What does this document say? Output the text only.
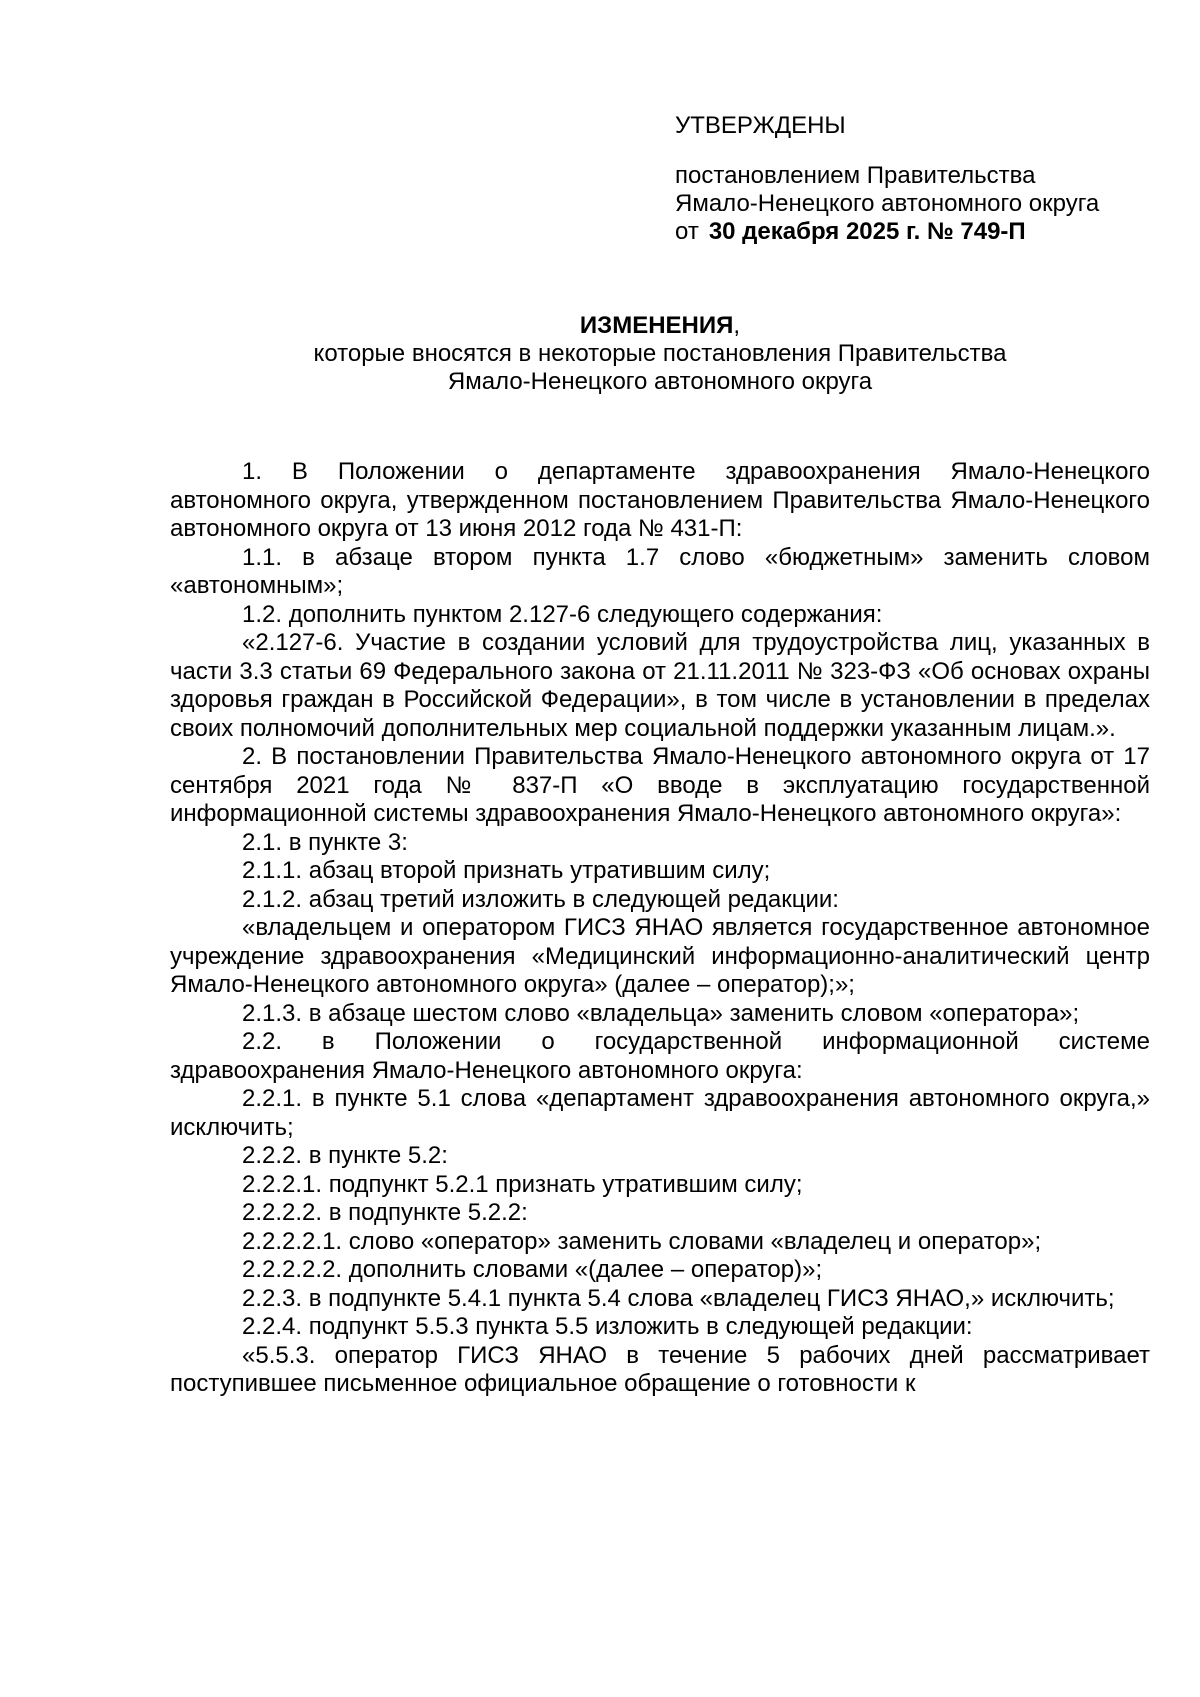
УТВЕРЖДЕНЫ
постановлением Правительства
Ямало-Ненецкого автономного округа
от 30 декабря 2025 г. № 749-П
ИЗМЕНЕНИЯ,
которые вносятся в некоторые постановления Правительства
Ямало-Ненецкого автономного округа

1. В Положении о департаменте здравоохранения Ямало-Ненецкого автономного округа, утвержденном постановлением Правительства Ямало-Ненецкого автономного округа от 13 июня 2012 года № 431-П:

1.1. в абзаце втором пункта 1.7 слово «бюджетным» заменить словом «автономным»;

1.2. дополнить пунктом 2.127-6 следующего содержания:

«2.127-6. Участие в создании условий для трудоустройства лиц, указанных в части 3.3 статьи 69 Федерального закона от 21.11.2011 № 323-ФЗ «Об основах охраны здоровья граждан в Российской Федерации», в том числе в установлении в пределах своих полномочий дополнительных мер социальной поддержки указанным лицам.».

2. В постановлении Правительства Ямало-Ненецкого автономного округа от 17 сентября 2021 года № 837-П «О вводе в эксплуатацию государственной информационной системы здравоохранения Ямало-Ненецкого автономного округа»:

2.1. в пункте 3:

2.1.1. абзац второй признать утратившим силу;

2.1.2. абзац третий изложить в следующей редакции:

«владельцем и оператором ГИСЗ ЯНАО является государственное автономное учреждение здравоохранения «Медицинский информационно-аналитический центр Ямало-Ненецкого автономного округа» (далее – оператор);»;

2.1.3. в абзаце шестом слово «владельца» заменить словом «оператора»;

2.2. в Положении о государственной информационной системе здравоохранения Ямало-Ненецкого автономного округа:

2.2.1. в пункте 5.1 слова «департамент здравоохранения автономного округа,» исключить;

2.2.2. в пункте 5.2:

2.2.2.1. подпункт 5.2.1 признать утратившим силу;

2.2.2.2. в подпункте 5.2.2:

2.2.2.2.1. слово «оператор» заменить словами «владелец и оператор»;

2.2.2.2.2. дополнить словами «(далее – оператор)»;

2.2.3. в подпункте 5.4.1 пункта 5.4 слова «владелец ГИСЗ ЯНАО,» исключить;

2.2.4. подпункт 5.5.3 пункта 5.5 изложить в следующей редакции:

«5.5.3. оператор ГИСЗ ЯНАО в течение 5 рабочих дней рассматривает поступившее письменное официальное обращение о готовности к
